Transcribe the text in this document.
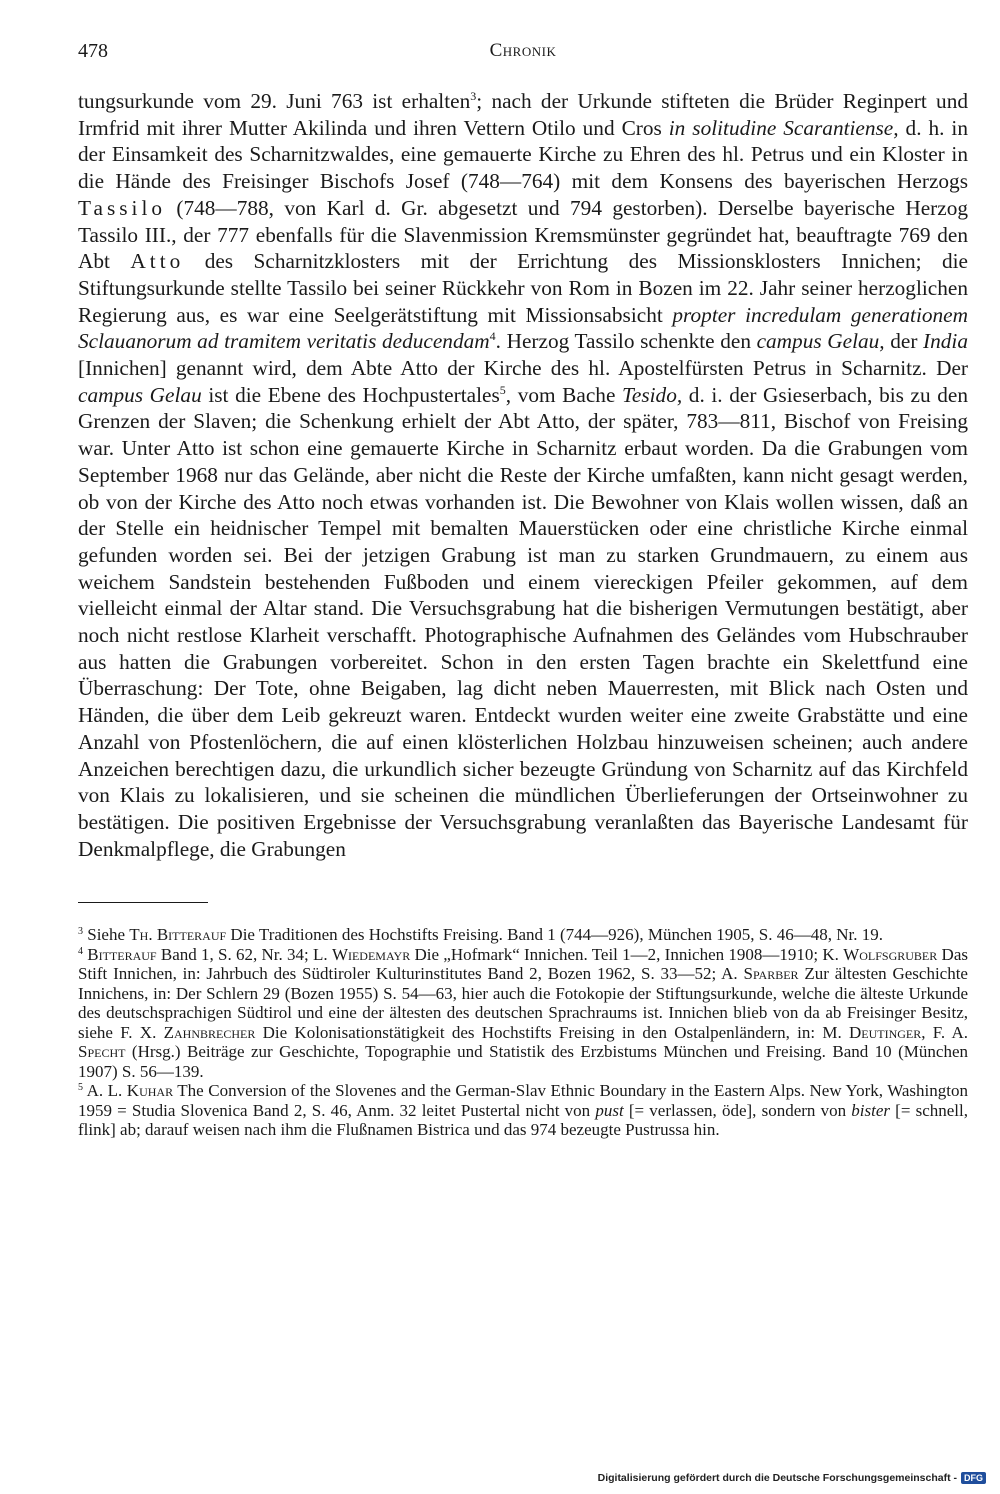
478	Chronik

tungsurkunde vom 29. Juni 763 ist erhalten$^3$; nach der Urkunde stifteten die Brüder Reginpert und Irmfrid mit ihrer Mutter Akilinda und ihren Vettern Otilo und Cros in solitudine Scarantiense, d. h. in der Einsamkeit des Scharnitzwaldes, eine gemauerte Kirche zu Ehren des hl. Petrus und ein Kloster in die Hände des Freisinger Bischofs Josef (748—764) mit dem Konsens des bayerischen Herzogs Tassilo (748—788, von Karl d. Gr. abgesetzt und 794 gestorben). Derselbe bayerische Herzog Tassilo III., der 777 ebenfalls für die Slavenmission Kremsmünster gegründet hat, beauftragte 769 den Abt Atto des Scharnitzklosters mit der Errichtung des Missionsklosters Innichen; die Stiftungsurkunde stellte Tassilo bei seiner Rückkehr von Rom in Bozen im 22. Jahr seiner herzoglichen Regierung aus, es war eine Seelgerätstiftung mit Missionsabsicht propter incredulam generationem Sclauanorum ad tramitem veritatis deducendam$^4$. Herzog Tassilo schenkte den campus Gelau, der India [Innichen] genannt wird, dem Abte Atto der Kirche des hl. Apostelfürsten Petrus in Scharnitz. Der campus Gelau ist die Ebene des Hochpustertales$^5$, vom Bache Tesido, d. i. der Gsieserbach, bis zu den Grenzen der Slaven; die Schenkung erhielt der Abt Atto, der später, 783—811, Bischof von Freising war. Unter Atto ist schon eine gemauerte Kirche in Scharnitz erbaut worden. Da die Grabungen vom September 1968 nur das Gelände, aber nicht die Reste der Kirche umfaßten, kann nicht gesagt werden, ob von der Kirche des Atto noch etwas vorhanden ist. Die Bewohner von Klais wollen wissen, daß an der Stelle ein heidnischer Tempel mit bemalten Mauerstücken oder eine christliche Kirche einmal gefunden worden sei. Bei der jetzigen Grabung ist man zu starken Grundmauern, zu einem aus weichem Sandstein bestehenden Fußboden und einem viereckigen Pfeiler gekommen, auf dem vielleicht einmal der Altar stand. Die Versuchsgrabung hat die bisherigen Vermutungen bestätigt, aber noch nicht restlose Klarheit verschafft. Photographische Aufnahmen des Geländes vom Hubschrauber aus hatten die Grabungen vorbereitet. Schon in den ersten Tagen brachte ein Skelettfund eine Überraschung: Der Tote, ohne Beigaben, lag dicht neben Mauerresten, mit Blick nach Osten und Händen, die über dem Leib gekreuzt waren. Entdeckt wurden weiter eine zweite Grabstätte und eine Anzahl von Pfostenlöchern, die auf einen klösterlichen Holzbau hinzuweisen scheinen; auch andere Anzeichen berechtigen dazu, die urkundlich sicher bezeugte Gründung von Scharnitz auf das Kirchfeld von Klais zu lokalisieren, und sie scheinen die mündlichen Überlieferungen der Ortseinwohner zu bestätigen. Die positiven Ergebnisse der Versuchsgrabung veranlaßten das Bayerische Landesamt für Denkmalpflege, die Grabungen

$^3$ Siehe Th. Bitterauf Die Traditionen des Hochstifts Freising. Band 1 (744—926), München 1905, S. 46—48, Nr. 19.

$^4$ Bitterauf Band 1, S. 62, Nr. 34; L. Wiedemayr Die „Hofmark“ Innichen. Teil 1—2, Innichen 1908—1910; K. Wolfsgruber Das Stift Innichen, in: Jahrbuch des Südtiroler Kulturinstitutes Band 2, Bozen 1962, S. 33—52; A. Sparber Zur ältesten Geschichte Innichens, in: Der Schlern 29 (Bozen 1955) S. 54—63, hier auch die Fotokopie der Stiftungsurkunde, welche die älteste Urkunde des deutschsprachigen Südtirol und eine der ältesten des deutschen Sprachraums ist. Innichen blieb von da ab Freisinger Besitz, siehe F. X. Zahnbrecher Die Kolonisationstätigkeit des Hochstifts Freising in den Ostalpenländern, in: M. Deutinger, F. A. Specht (Hrsg.) Beiträge zur Geschichte, Topographie und Statistik des Erzbistums München und Freising. Band 10 (München 1907) S. 56—139.

$^5$ A. L. Kuhar The Conversion of the Slovenes and the German-Slav Ethnic Boundary in the Eastern Alps. New York, Washington 1959 = Studia Slovenica Band 2, S. 46, Anm. 32 leitet Pustertal nicht von pust [= verlassen, öde], sondern von bister [= schnell, flink] ab; darauf weisen nach ihm die Flußnamen Bistrica und das 974 bezeugte Pustrussa hin.

Digitalisierung gefördert durch die Deutsche Forschungsgemeinschaft - DFG
